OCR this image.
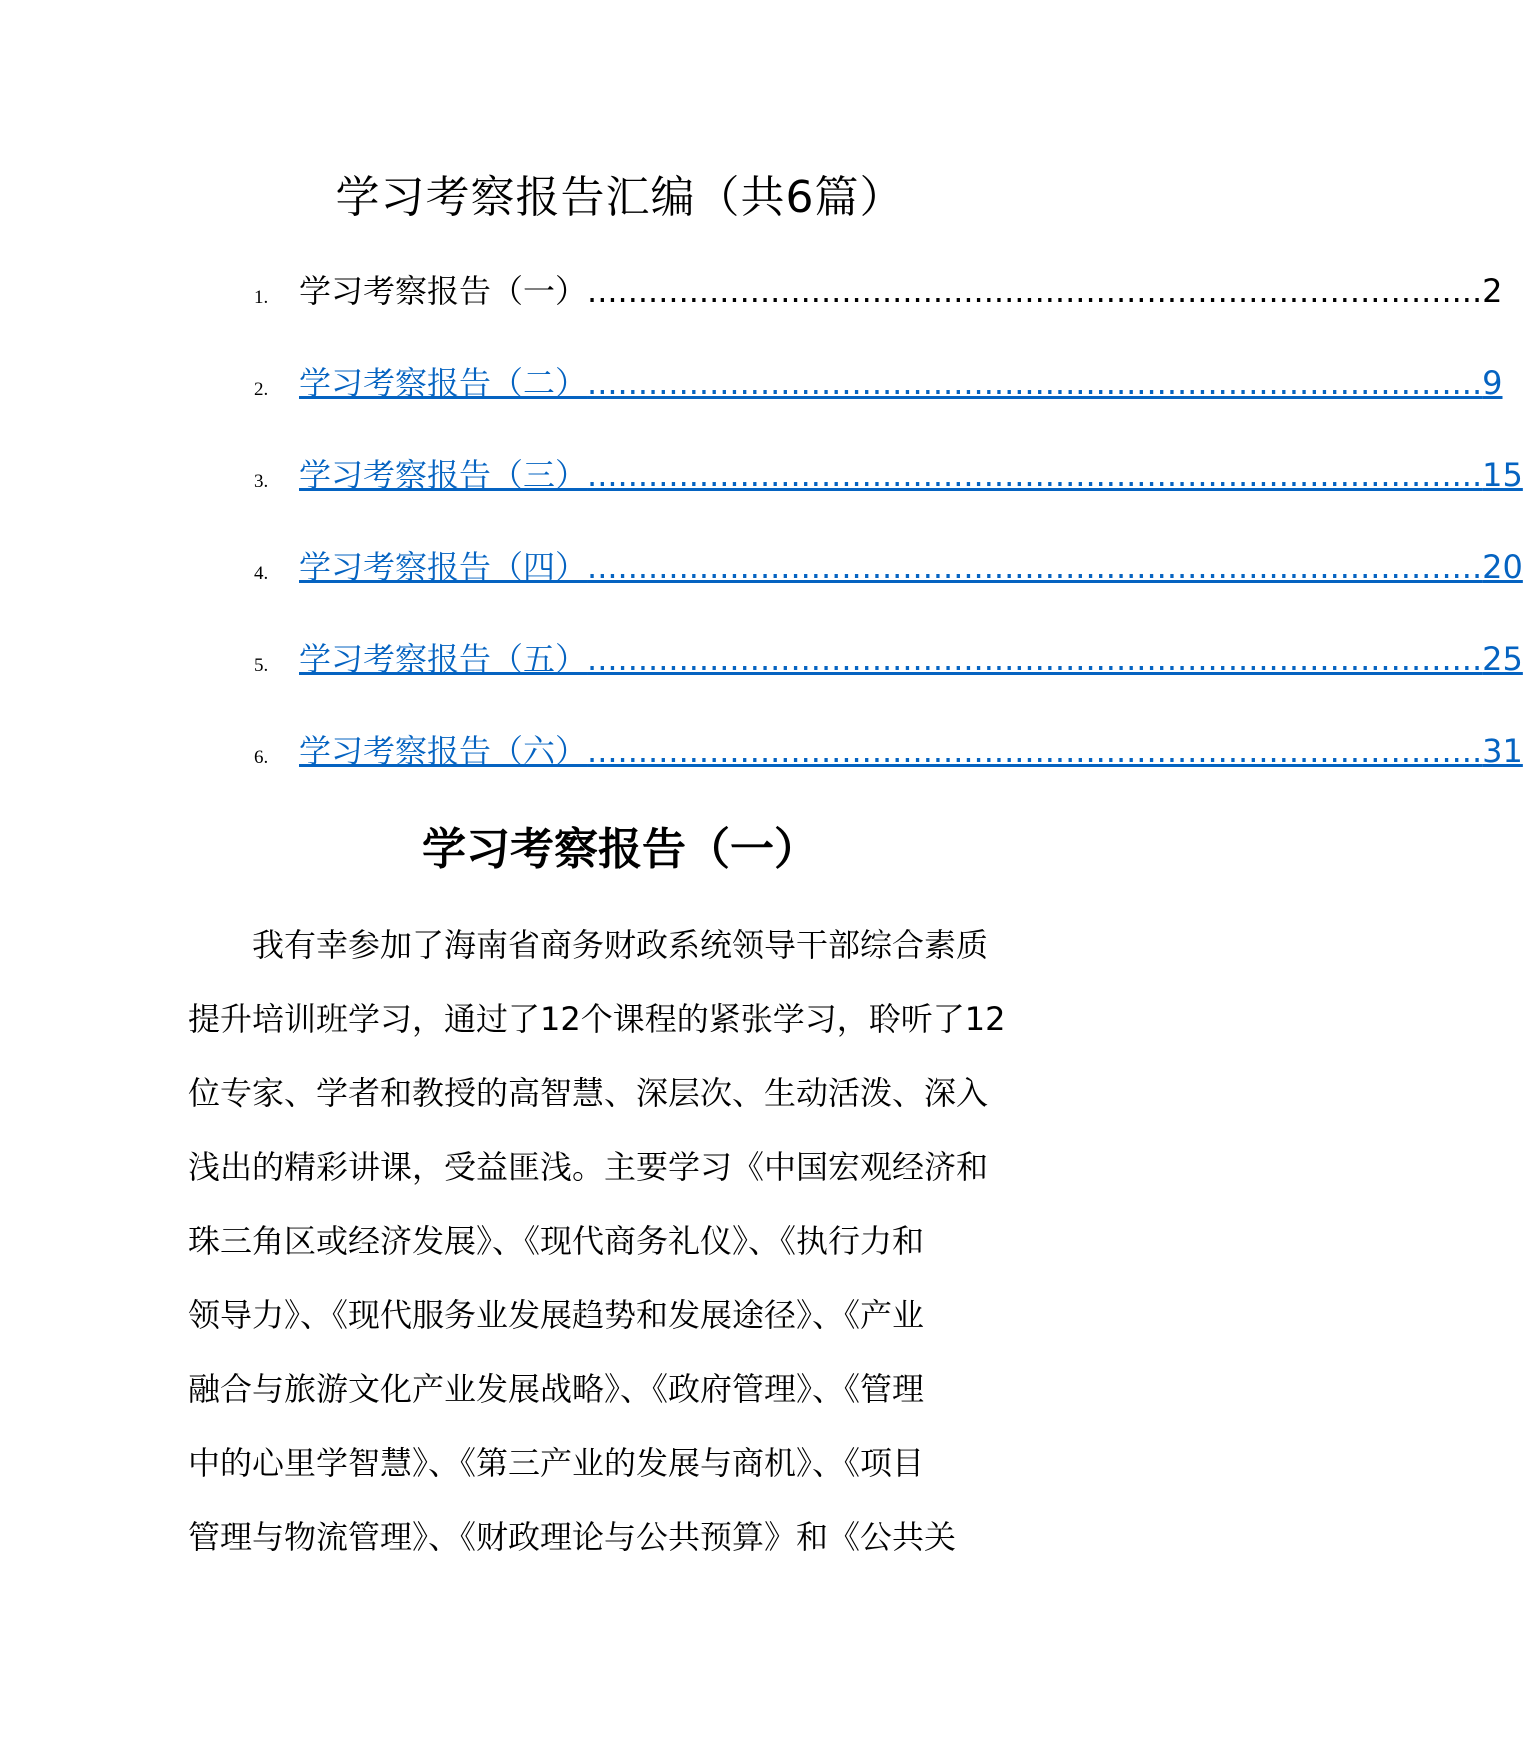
学习考察报告汇编（共6篇）
1. 学习考察报告（一） ........................................................................................ 2
2. 学习考察报告（二） ........................................................................................ 9
3. 学习考察报告（三） ........................................................................................ 15
4. 学习考察报告（四） ........................................................................................ 20
5. 学习考察报告（五） ........................................................................................ 25
6. 学习考察报告（六） ........................................................................................ 31
学习考察报告（一）
　　我有幸参加了海南省商务财政系统领导干部综合素质
提升培训班学习，通过了12个课程的紧张学习，聆听了12
位专家、学者和教授的高智慧、深层次、生动活泼、深入
浅出的精彩讲课，受益匪浅。主要学习《中国宏观经济和
珠三角区或经济发展》、《现代商务礼仪》、《执行力和
领导力》、《现代服务业发展趋势和发展途径》、《产业
融合与旅游文化产业发展战略》、《政府管理》、《管理
中的心里学智慧》、《第三产业的发展与商机》、《项目
管理与物流管理》、《财政理论与公共预算》和《公共关
